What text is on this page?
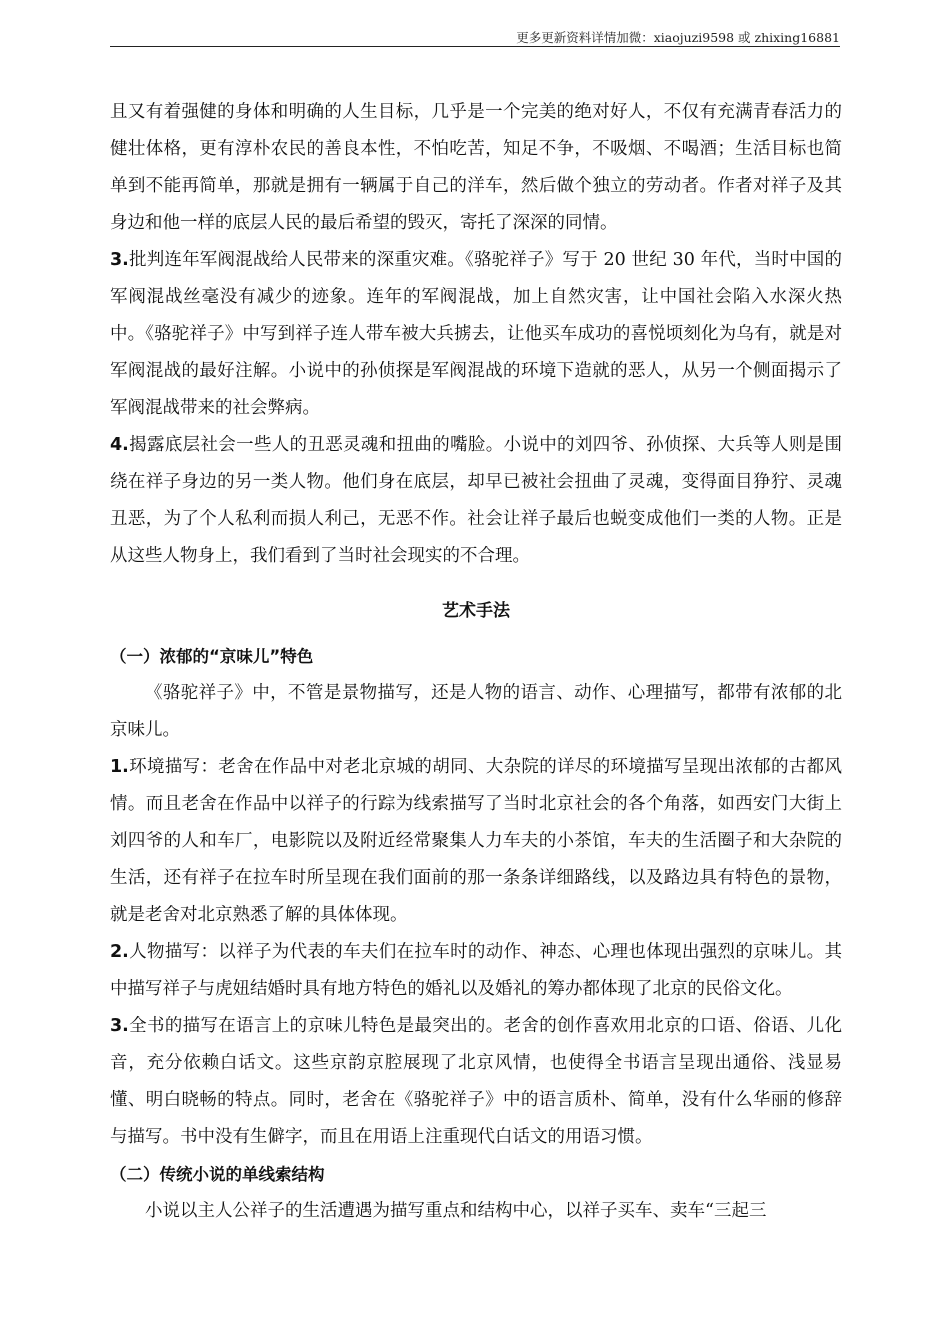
更多更新资料详情加微：xiaojuzi9598 或 zhixing16881

且又有着强健的身体和明确的人生目标，几乎是一个完美的绝对好人，不仅有充满青春活力的健壮体格，更有淳朴农民的善良本性，不怕吃苦，知足不争，不吸烟、不喝酒；生活目标也简单到不能再简单，那就是拥有一辆属于自己的洋车，然后做个独立的劳动者。作者对祥子及其身边和他一样的底层人民的最后希望的毁灭，寄托了深深的同情。

3.批判连年军阀混战给人民带来的深重灾难。《骆驼祥子》写于 20 世纪 30 年代，当时中国的军阀混战丝毫没有减少的迹象。连年的军阀混战，加上自然灾害，让中国社会陷入水深火热中。《骆驼祥子》中写到祥子连人带车被大兵掳去，让他买车成功的喜悦顷刻化为乌有，就是对军阀混战的最好注解。小说中的孙侦探是军阀混战的环境下造就的恶人，从另一个侧面揭示了军阀混战带来的社会弊病。

4.揭露底层社会一些人的丑恶灵魂和扭曲的嘴脸。小说中的刘四爷、孙侦探、大兵等人则是围绕在祥子身边的另一类人物。他们身在底层，却早已被社会扭曲了灵魂，变得面目狰狞、灵魂丑恶，为了个人私利而损人利己，无恶不作。社会让祥子最后也蜕变成他们一类的人物。正是从这些人物身上，我们看到了当时社会现实的不合理。

艺术手法
（一）浓郁的“京味儿”特色

《骆驼祥子》中，不管是景物描写，还是人物的语言、动作、心理描写，都带有浓郁的北京味儿。

1.环境描写：老舍在作品中对老北京城的胡同、大杂院的详尽的环境描写呈现出浓郁的古都风情。而且老舍在作品中以祥子的行踪为线索描写了当时北京社会的各个角落，如西安门大街上刘四爷的人和车厂，电影院以及附近经常聚集人力车夫的小茶馆，车夫的生活圈子和大杂院的生活，还有祥子在拉车时所呈现在我们面前的那一条条详细路线，以及路边具有特色的景物，就是老舍对北京熟悉了解的具体体现。

2.人物描写：以祥子为代表的车夫们在拉车时的动作、神态、心理也体现出强烈的京味儿。其中描写祥子与虎妞结婚时具有地方特色的婚礼以及婚礼的筹办都体现了北京的民俗文化。

3.全书的描写在语言上的京味儿特色是最突出的。老舍的创作喜欢用北京的口语、俗语、儿化音，充分依赖白话文。这些京韵京腔展现了北京风情，也使得全书语言呈现出通俗、浅显易懂、明白晓畅的特点。同时，老舍在《骆驼祥子》中的语言质朴、简单，没有什么华丽的修辞与描写。书中没有生僻字，而且在用语上注重现代白话文的用语习惯。

（二）传统小说的单线索结构

小说以主人公祥子的生活遭遇为描写重点和结构中心，以祥子买车、卖车“三起三
